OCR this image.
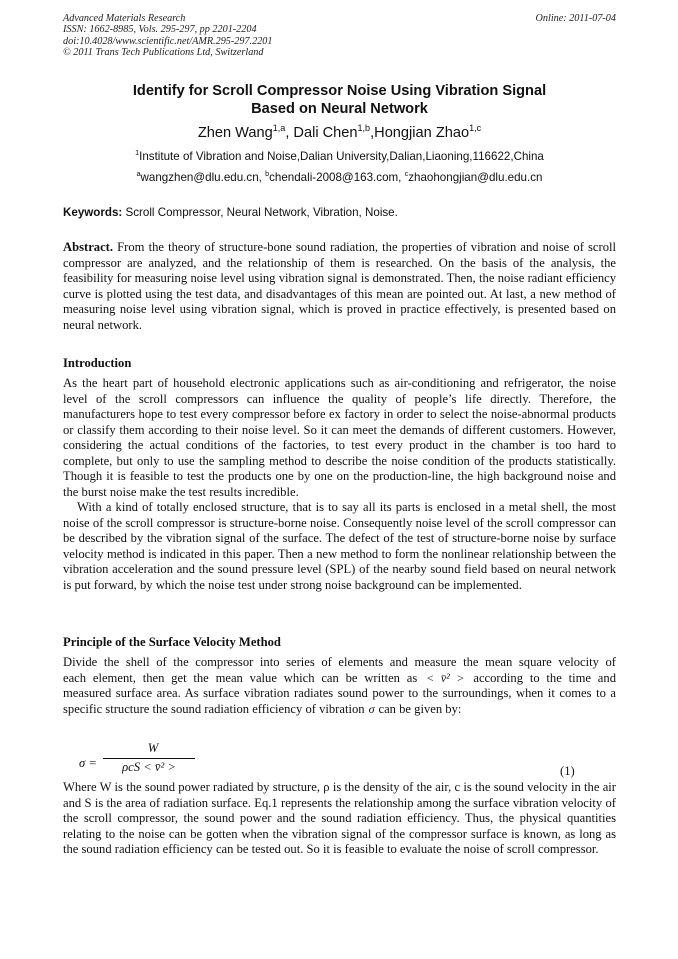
Advanced Materials Research
ISSN: 1662-8985, Vols. 295-297, pp 2201-2204
doi:10.4028/www.scientific.net/AMR.295-297.2201
© 2011 Trans Tech Publications Ltd, Switzerland
Online: 2011-07-04
Identify for Scroll Compressor Noise Using Vibration Signal
Based on Neural Network
Zhen Wang$^{1,a}$, Dali Chen$^{1,b}$,Hongjian Zhao$^{1,c}$
$^1$Institute of Vibration and Noise,Dalian University,Dalian,Liaoning,116622,China
$^a$wangzhen@dlu.edu.cn, $^b$chendali-2008@163.com, $^c$zhaohongjian@dlu.edu.cn
Keywords: Scroll Compressor, Neural Network, Vibration, Noise.

Abstract. From the theory of structure-bone sound radiation, the properties of vibration and noise of scroll compressor are analyzed, and the relationship of them is researched. On the basis of the analysis, the feasibility for measuring noise level using vibration signal is demonstrated. Then, the noise radiant efficiency curve is plotted using the test data, and disadvantages of this mean are pointed out. At last, a new method of measuring noise level using vibration signal, which is proved in practice effectively, is presented based on neural network.

Introduction

As the heart part of household electronic applications such as air-conditioning and refrigerator, the noise level of the scroll compressors can influence the quality of people’s life directly. Therefore, the manufacturers hope to test every compressor before ex factory in order to select the noise-abnormal products or classify them according to their noise level. So it can meet the demands of different customers. However, considering the actual conditions of the factories, to test every product in the chamber is too hard to complete, but only to use the sampling method to describe the noise condition of the products statistically. Though it is feasible to test the products one by one on the production-line, the high background noise and the burst noise make the test results incredible.

With a kind of totally enclosed structure, that is to say all its parts is enclosed in a metal shell, the most noise of the scroll compressor is structure-borne noise. Consequently noise level of the scroll compressor can be described by the vibration signal of the surface. The defect of the test of structure-borne noise by surface velocity method is indicated in this paper. Then a new method to form the nonlinear relationship between the vibration acceleration and the sound pressure level (SPL) of the nearby sound field based on neural network is put forward, by which the noise test under strong noise background can be implemented.

Principle of the Surface Velocity Method

Divide the shell of the compressor into series of elements and measure the mean square velocity of

each element, then get the mean value which can be written as < v̄² > according to the time and

measured surface area. As surface vibration radiates sound power to the surroundings, when it comes to a specific structure the sound radiation efficiency of vibration σ can be given by:

σ =
W
ρcS < v̄² >	(1)

Where W is the sound power radiated by structure, ρ is the density of the air, c is the sound velocity in the air and S is the area of radiation surface. Eq.1 represents the relationship among the surface vibration velocity of the scroll compressor, the sound power and the sound radiation efficiency. Thus, the physical quantities relating to the noise can be gotten when the vibration signal of the compressor surface is known, as long as the sound radiation efficiency can be tested out. So it is feasible to evaluate the noise of scroll compressor.
